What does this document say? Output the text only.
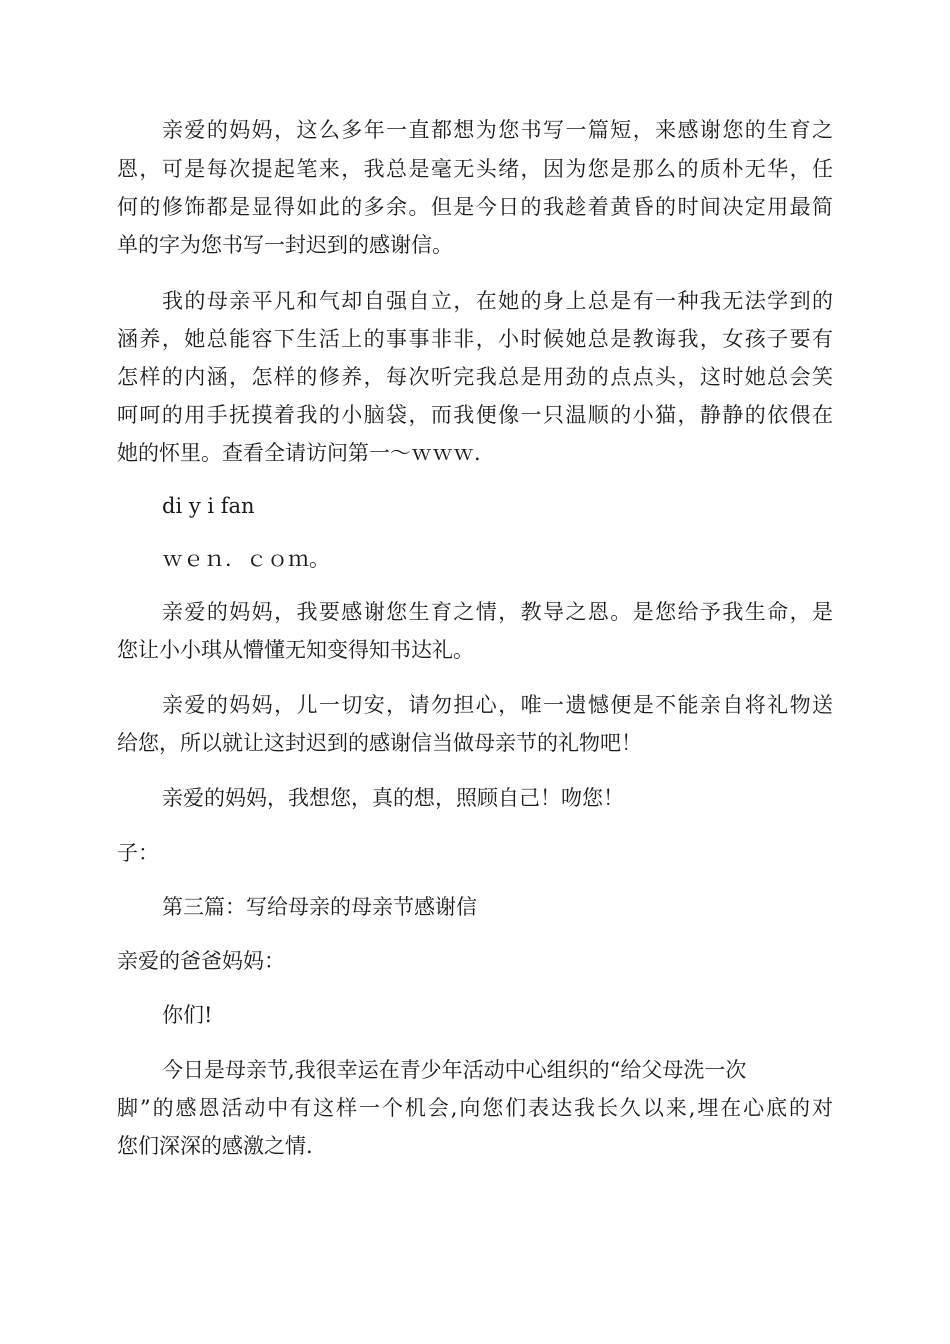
亲爱的妈妈，这么多年一直都想为您书写一篇短，来感谢您的生育之
恩，可是每次提起笔来，我总是毫无头绪，因为您是那么的质朴无华，任
何的修饰都是显得如此的多余。但是今日的我趁着黄昏的时间决定用最简
单的字为您书写一封迟到的感谢信。
我的母亲平凡和气却自强自立，在她的身上总是有一种我无法学到的
涵养，她总能容下生活上的事事非非，小时候她总是教诲我，女孩子要有
怎样的内涵，怎样的修养，每次听完我总是用劲的点点头，这时她总会笑
呵呵的用手抚摸着我的小脑袋，而我便像一只温顺的小猫，静静的依偎在
她的怀里。查看全请访问第一～ｗｗｗ.
di y i fan
ｗｅｎ．ｃｏｍ。
亲爱的妈妈，我要感谢您生育之情，教导之恩。是您给予我生命，是
您让小小琪从懵懂无知变得知书达礼。
亲爱的妈妈，儿一切安，请勿担心，唯一遗憾便是不能亲自将礼物送
给您，所以就让这封迟到的感谢信当做母亲节的礼物吧！
亲爱的妈妈，我想您，真的想，照顾自己！吻您！
子：
第三篇：写给母亲的母亲节感谢信
亲爱的爸爸妈妈：
你们!
今日是母亲节,我很幸运在青少年活动中心组织的“给父母洗一次
脚”的感恩活动中有这样一个机会,向您们表达我长久以来,埋在心底的对
您们深深的感激之情.
